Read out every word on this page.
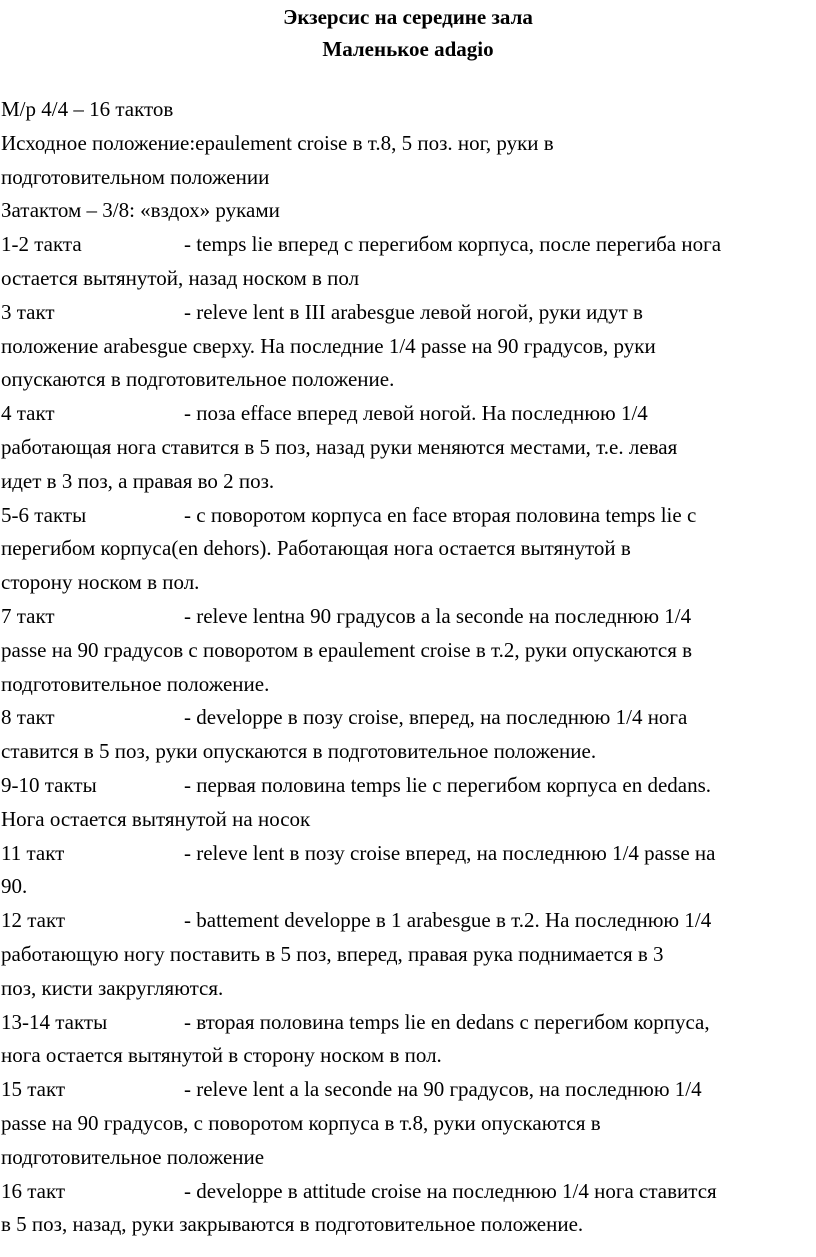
Экзерсис на середине зала
Маленькое adagio
М/р 4/4 – 16 тактов
Исходное положение:epaulement croise в т.8, 5 поз. ног, руки в
подготовительном положении
Затактом – 3/8: «вздох» руками
1-2 такта	- temps lie вперед с перегибом корпуса, после перегиба нога
остается вытянутой, назад носком в пол
3 такт	- releve lent в III arabesgue левой ногой, руки идут в
положение arabesgue сверху. На последние 1/4 passe на 90 градусов, руки
опускаются в подготовительное положение.
4 такт	- поза efface вперед левой ногой. На последнюю 1/4
работающая нога ставится в 5 поз, назад руки меняются местами, т.е. левая
идет в 3 поз, а правая во 2 поз.
5-6 такты	- с поворотом корпуса en face вторая половина temps lie с
перегибом корпуса(en dehors). Работающая нога остается вытянутой в
сторону носком в пол.
7 такт	- releve lentна 90 градусов a la seconde на последнюю 1/4
passe на 90 градусов с поворотом в epaulement croise в т.2, руки опускаются в
подготовительное положение.
8 такт	- developpe в позу croise, вперед, на последнюю 1/4 нога
ставится в 5 поз, руки опускаются в подготовительное положение.
9-10 такты	- первая половина temps lie с перегибом корпуса en dedans.
Нога остается вытянутой на носок
11 такт	- releve lent в позу croise вперед, на последнюю 1/4 passe на
90.
12 такт	- battement developpe в 1 arabesgue в т.2. На последнюю 1/4
работающую ногу поставить в 5 поз, вперед, правая рука поднимается в 3
поз, кисти закругляются.
13-14 такты	- вторая половина temps lie en dedans с перегибом корпуса,
нога остается вытянутой в сторону носком в пол.
15 такт	- releve lent a la seconde на 90 градусов, на последнюю 1/4
passe на 90 градусов, с поворотом корпуса в т.8, руки опускаются в
подготовительное положение
16 такт	- developpe в attitude croise на последнюю 1/4 нога ставится
в 5 поз, назад, руки закрываются в подготовительное положение.
